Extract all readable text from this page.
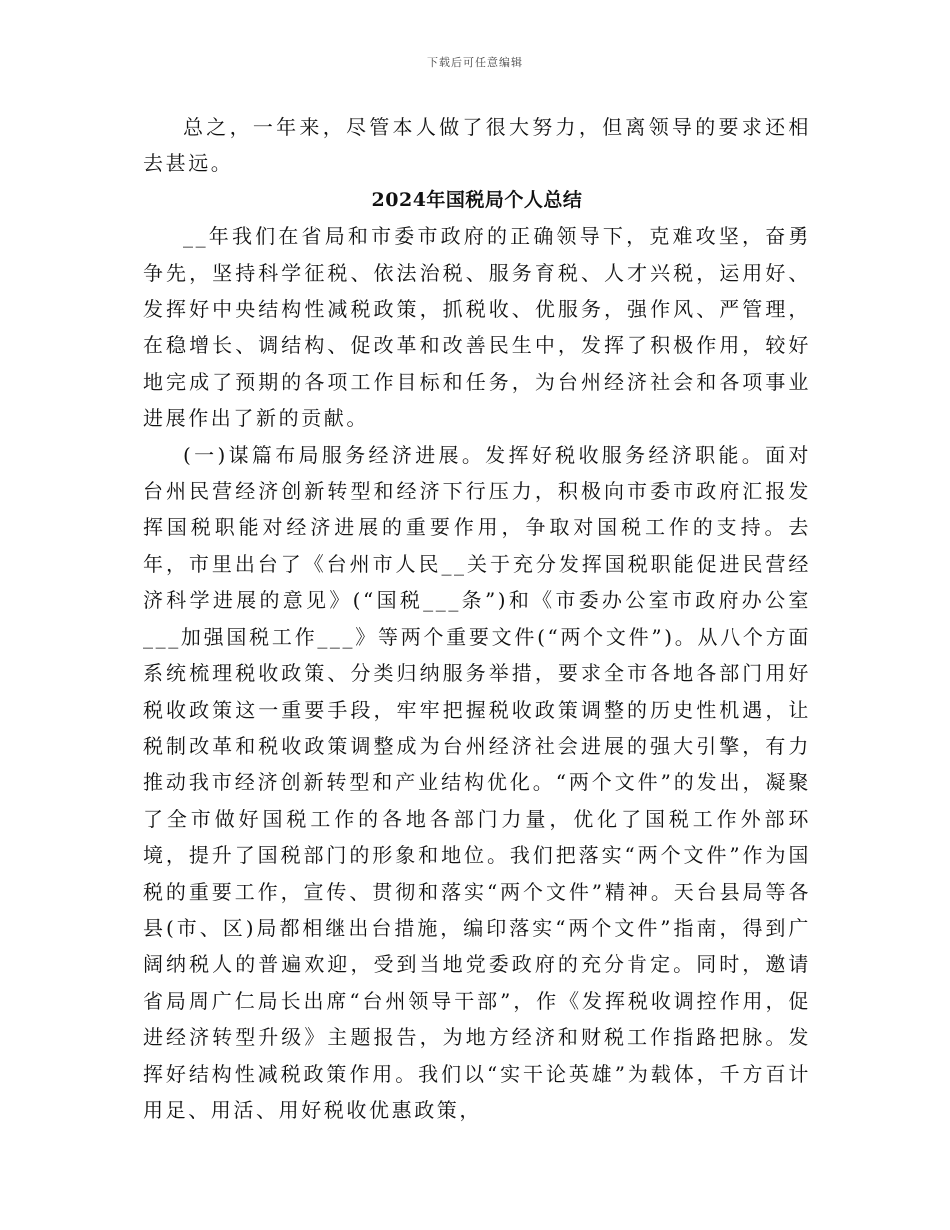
下载后可任意编辑

总之，一年来，尽管本人做了很大努力，但离领导的要求还相去甚远。

2024年国税局个人总结

__年我们在省局和市委市政府的正确领导下，克难攻坚，奋勇争先，坚持科学征税、依法治税、服务育税、人才兴税，运用好、发挥好中央结构性减税政策，抓税收、优服务，强作风、严管理，在稳增长、调结构、促改革和改善民生中，发挥了积极作用，较好地完成了预期的各项工作目标和任务，为台州经济社会和各项事业进展作出了新的贡献。

(一)谋篇布局服务经济进展。发挥好税收服务经济职能。面对台州民营经济创新转型和经济下行压力，积极向市委市政府汇报发挥国税职能对经济进展的重要作用，争取对国税工作的支持。去年，市里出台了《台州市人民__关于充分发挥国税职能促进民营经济科学进展的意见》(“国税___条”)和《市委办公室市政府办公室___加强国税工作___》等两个重要文件(“两个文件”)。从八个方面系统梳理税收政策、分类归纳服务举措，要求全市各地各部门用好税收政策这一重要手段，牢牢把握税收政策调整的历史性机遇，让税制改革和税收政策调整成为台州经济社会进展的强大引擎，有力推动我市经济创新转型和产业结构优化。“两个文件”的发出，凝聚了全市做好国税工作的各地各部门力量，优化了国税工作外部环境，提升了国税部门的形象和地位。我们把落实“两个文件”作为国税的重要工作，宣传、贯彻和落实“两个文件”精神。天台县局等各县(市、区)局都相继出台措施，编印落实“两个文件”指南，得到广阔纳税人的普遍欢迎，受到当地党委政府的充分肯定。同时，邀请省局周广仁局长出席“台州领导干部”，作《发挥税收调控作用，促进经济转型升级》主题报告，为地方经济和财税工作指路把脉。发挥好结构性减税政策作用。我们以“实干论英雄”为载体，千方百计用足、用活、用好税收优惠政策，
